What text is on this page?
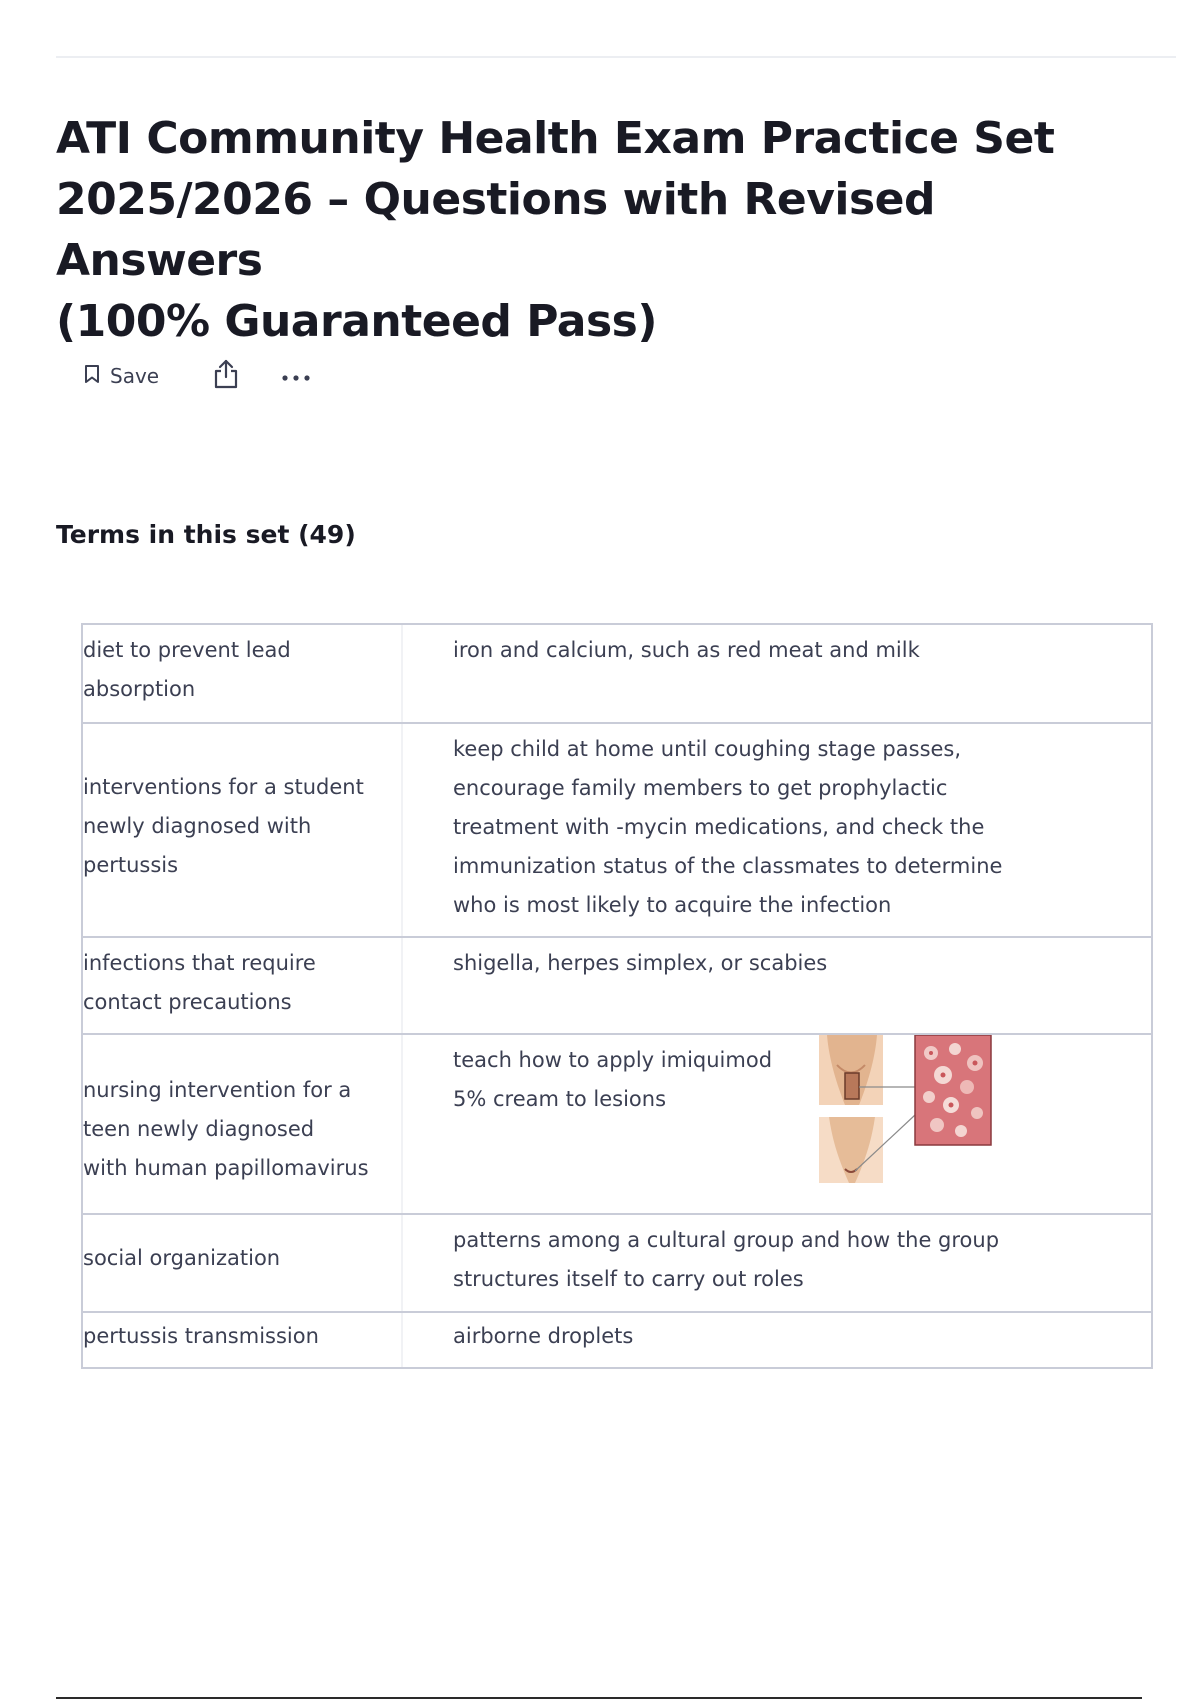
ATI Community Health Exam Practice Set
2025/2026 – Questions with Revised Answers
(100% Guaranteed Pass)
Save
Terms in this set (49)
diet to prevent lead
absorption
iron and calcium, such as red meat and milk
interventions for a student
newly diagnosed with
pertussis
keep child at home until coughing stage passes,
encourage family members to get prophylactic
treatment with -mycin medications, and check the
immunization status of the classmates to determine
who is most likely to acquire the infection
infections that require
contact precautions
shigella, herpes simplex, or scabies
nursing intervention for a
teen newly diagnosed
with human papillomavirus
teach how to apply imiquimod
5% cream to lesions
social organization
patterns among a cultural group and how the group
structures itself to carry out roles
pertussis transmission	airborne droplets
